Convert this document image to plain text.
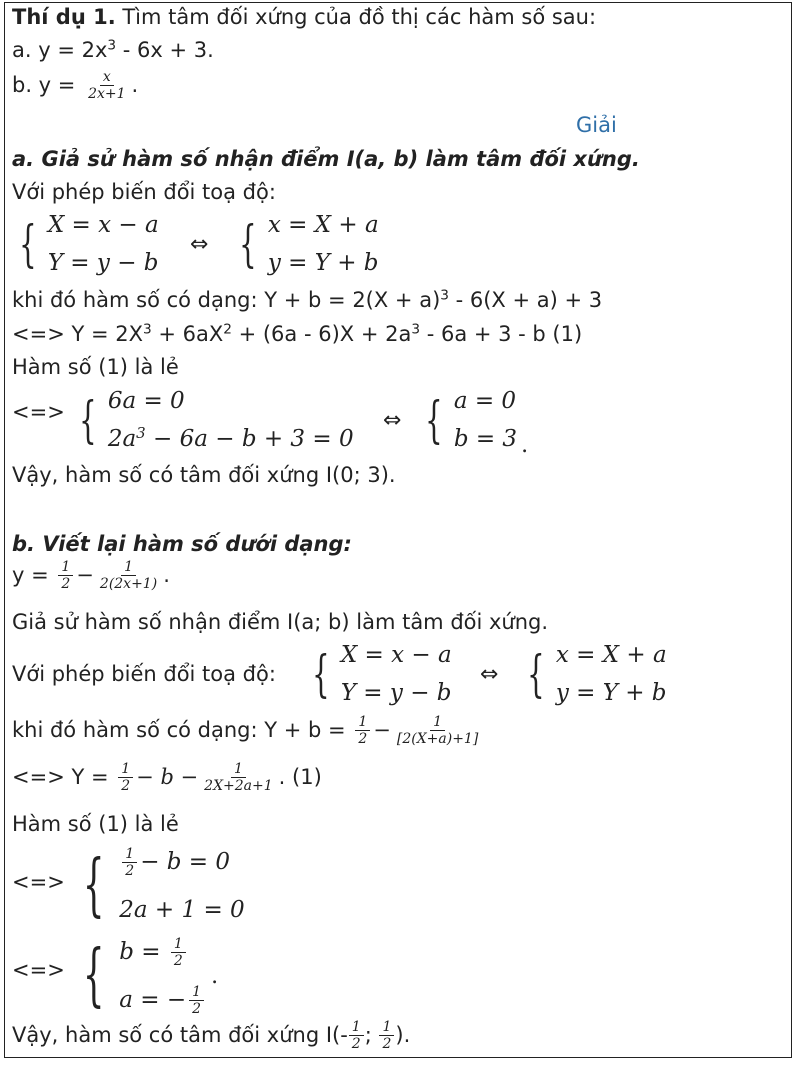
Thí dụ 1. Tìm tâm đối xứng của đồ thị các hàm số sau:
a. $y = 2x^3 - 6x + 3$.
b. $y = \frac{x}{2x+1}$ .
Giải
a. Giả sử hàm số nhận điểm I(a, b) làm tâm đối xứng.
Với phép biến đổi toạ độ:
{ X = x − a
Y = y − b
⇔ { x = X + a
y = Y + b
khi đó hàm số có dạng: $Y + b = 2(X + a)^3 - 6(X + a) + 3$
<=> $Y = 2X^3 + 6aX^2 + (6a - 6)X + 2a^3 - 6a + 3 - b$ (1)
Hàm số (1) là lẻ
<=> { 6a = 0
$2a^3 - 6a - b + 3 = 0$
⇔ { a = 0
b = 3 .
Vậy, hàm số có tâm đối xứng I(0; 3).
b. Viết lại hàm số dưới dạng:
$y = \frac{1}{2} - \frac{1}{2(2x+1)}$ .
Giả sử hàm số nhận điểm I(a; b) làm tâm đối xứng.
Với phép biến đổi toạ độ: { X = x − a
Y = y − b
⇔ { x = X + a
y = Y + b
khi đó hàm số có dạng: $Y + b = \frac{1}{2} - \frac{1}{[2(X+a)+1]}$
<=> $Y = \frac{1}{2} - b - \frac{1}{2X+2a+1}$ . (1)
Hàm số (1) là lẻ
<=> { $\frac{1}{2} - b = 0$
2a + 1 = 0
<=> { $b = \frac{1}{2}$
a = − $\frac{1}{2}$
.
Vậy, hàm số có tâm đối xứng $I(- \frac{1}{2}$ ; $\frac{1}{2}$ ).
